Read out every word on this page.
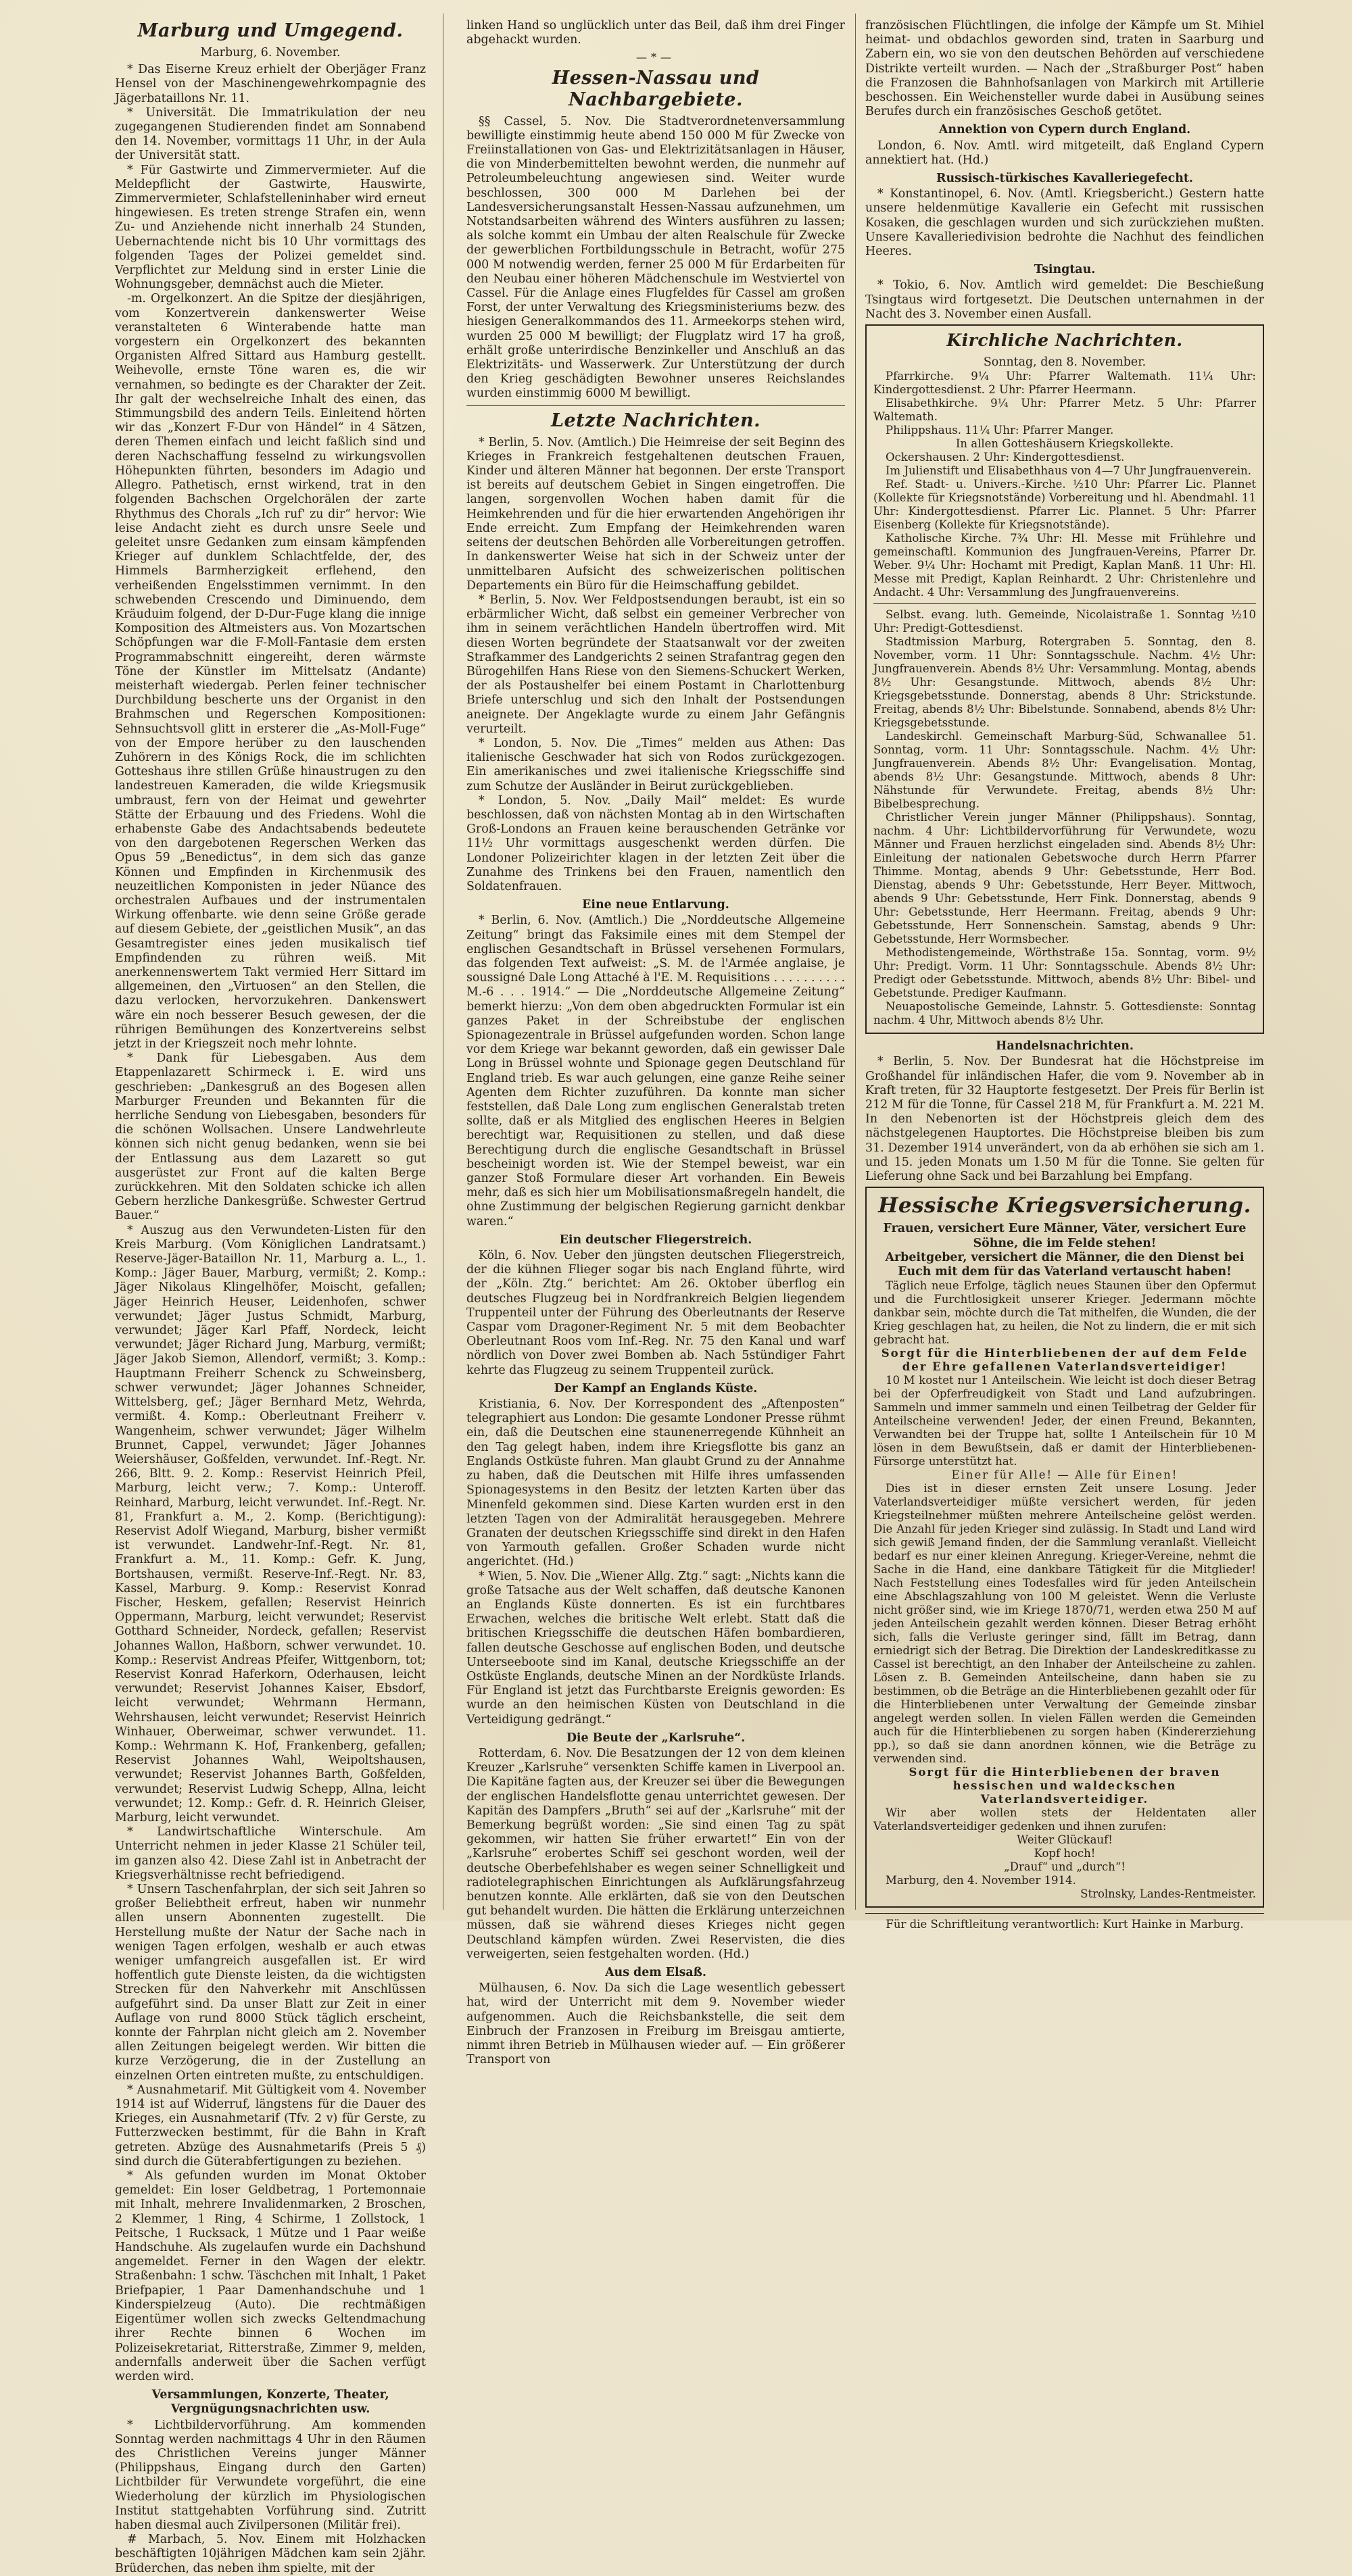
Marburg und Umgegend.
Marburg, 6. November.

* Das Eiserne Kreuz erhielt der Oberjäger Franz Hensel von der Maschinengewehrkompagnie des Jägerbataillons Nr. 11.

* Universität. Die Immatrikulation der neu zugegangenen Studierenden findet am Sonnabend den 14. November, vormittags 11 Uhr, in der Aula der Universität statt.

* Für Gastwirte und Zimmervermieter. Auf die Meldepflicht der Gastwirte, Hauswirte, Zimmervermieter, Schlafstelleninhaber wird erneut hingewiesen. Es treten strenge Strafen ein, wenn Zu- und Anziehende nicht innerhalb 24 Stunden, Uebernachtende nicht bis 10 Uhr vormittags des folgenden Tages der Polizei gemeldet sind. Verpflichtet zur Meldung sind in erster Linie die Wohnungsgeber, demnächst auch die Mieter.

-m. Orgelkonzert. An die Spitze der diesjährigen, vom Konzertverein dankenswerter Weise veranstalteten 6 Winterabende hatte man vorgestern ein Orgelkonzert des bekannten Organisten Alfred Sittard aus Hamburg gestellt. Weihevolle, ernste Töne waren es, die wir vernahmen, so bedingte es der Charakter der Zeit. Ihr galt der wechselreiche Inhalt des einen, das Stimmungsbild des andern Teils. Einleitend hörten wir das „Konzert F-Dur von Händel“ in 4 Sätzen, deren Themen einfach und leicht faßlich sind und deren Nachschaffung fesselnd zu wirkungsvollen Höhepunkten führten, besonders im Adagio und Allegro. Pathetisch, ernst wirkend, trat in den folgenden Bachschen Orgelchorälen der zarte Rhythmus des Chorals „Ich ruf' zu dir“ hervor: Wie leise Andacht zieht es durch unsre Seele und geleitet unsre Gedanken zum einsam kämpfenden Krieger auf dunklem Schlachtfelde, der, des Himmels Barmherzigkeit erflehend, den verheißenden Engelsstimmen vernimmt. In den schwebenden Crescendo und Diminuendo, dem Kräuduim folgend, der D-Dur-Fuge klang die innige Komposition des Altmeisters aus. Von Mozartschen Schöpfungen war die F-Moll-Fantasie dem ersten Programmabschnitt eingereiht, deren wärmste Töne der Künstler im Mittelsatz (Andante) meisterhaft wiedergab. Perlen feiner technischer Durchbildung bescherte uns der Organist in den Brahmschen und Regerschen Kompositionen: Sehnsuchtsvoll glitt in ersterer die „As-Moll-Fuge“ von der Empore herüber zu den lauschenden Zuhörern in des Königs Rock, die im schlichten Gotteshaus ihre stillen Grüße hinaustrugen zu den landestreuen Kameraden, die wilde Kriegsmusik umbraust, fern von der Heimat und gewehrter Stätte der Erbauung und des Friedens. Wohl die erhabenste Gabe des Andachtsabends bedeutete von den dargebotenen Regerschen Werken das Opus 59 „Benedictus“, in dem sich das ganze Können und Empfinden in Kirchenmusik des neuzeitlichen Komponisten in jeder Nüance des orchestralen Aufbaues und der instrumentalen Wirkung offenbarte. wie denn seine Größe gerade auf diesem Gebiete, der „geistlichen Musik“, an das Gesamtregister eines jeden musikalisch tief Empfindenden zu rühren weiß. Mit anerkennenswertem Takt vermied Herr Sittard im allgemeinen, den „Virtuosen“ an den Stellen, die dazu verlocken, hervorzukehren. Dankenswert wäre ein noch besserer Besuch gewesen, der die rührigen Bemühungen des Konzertvereins selbst jetzt in der Kriegszeit noch mehr lohnte.

* Dank für Liebesgaben. Aus dem Etappenlazarett Schirmeck i. E. wird uns geschrieben: „Dankesgruß an des Bogesen allen Marburger Freunden und Bekannten für die herrliche Sendung von Liebesgaben, besonders für die schönen Wollsachen. Unsere Landwehrleute können sich nicht genug bedanken, wenn sie bei der Entlassung aus dem Lazarett so gut ausgerüstet zur Front auf die kalten Berge zurückkehren. Mit den Soldaten schicke ich allen Gebern herzliche Dankesgrüße. Schwester Gertrud Bauer.“

* Auszug aus den Verwundeten-Listen für den Kreis Marburg. (Vom Königlichen Landratsamt.) Reserve-Jäger-Bataillon Nr. 11, Marburg a. L., 1. Komp.: Jäger Bauer, Marburg, vermißt; 2. Komp.: Jäger Nikolaus Klingelhöfer, Moischt, gefallen; Jäger Heinrich Heuser, Leidenhofen, schwer verwundet; Jäger Justus Schmidt, Marburg, verwundet; Jäger Karl Pfaff, Nordeck, leicht verwundet; Jäger Richard Jung, Marburg, vermißt; Jäger Jakob Siemon, Allendorf, vermißt; 3. Komp.: Hauptmann Freiherr Schenck zu Schweinsberg, schwer verwundet; Jäger Johannes Schneider, Wittelsberg, gef.; Jäger Bernhard Metz, Wehrda, vermißt. 4. Komp.: Oberleutnant Freiherr v. Wangenheim, schwer verwundet; Jäger Wilhelm Brunnet, Cappel, verwundet; Jäger Johannes Weiershäuser, Goßfelden, verwundet. Inf.-Regt. Nr. 266, Bltt. 9. 2. Komp.: Reservist Heinrich Pfeil, Marburg, leicht verw.; 7. Komp.: Unteroff. Reinhard, Marburg, leicht verwundet. Inf.-Regt. Nr. 81, Frankfurt a. M., 2. Komp. (Berichtigung): Reservist Adolf Wiegand, Marburg, bisher vermißt ist verwundet. Landwehr-Inf.-Regt. Nr. 81, Frankfurt a. M., 11. Komp.: Gefr. K. Jung, Bortshausen, vermißt. Reserve-Inf.-Regt. Nr. 83, Kassel, Marburg. 9. Komp.: Reservist Konrad Fischer, Heskem, gefallen; Reservist Heinrich Oppermann, Marburg, leicht verwundet; Reservist Gotthard Schneider, Nordeck, gefallen; Reservist Johannes Wallon, Haßborn, schwer verwundet. 10. Komp.: Reservist Andreas Pfeifer, Wittgenborn, tot; Reservist Konrad Haferkorn, Oderhausen, leicht verwundet; Reservist Johannes Kaiser, Ebsdorf, leicht verwundet; Wehrmann Hermann, Wehrshausen, leicht verwundet; Reservist Heinrich Winhauer, Oberweimar, schwer verwundet. 11. Komp.: Wehrmann K. Hof, Frankenberg, gefallen; Reservist Johannes Wahl, Weipoltshausen, verwundet; Reservist Johannes Barth, Goßfelden, verwundet; Reservist Ludwig Schepp, Allna, leicht verwundet; 12. Komp.: Gefr. d. R. Heinrich Gleiser, Marburg, leicht verwundet.

* Landwirtschaftliche Winterschule. Am Unterricht nehmen in jeder Klasse 21 Schüler teil, im ganzen also 42. Diese Zahl ist in Anbetracht der Kriegsverhältnisse recht befriedigend.

* Unsern Taschenfahrplan, der sich seit Jahren so großer Beliebtheit erfreut, haben wir nunmehr allen unsern Abonnenten zugestellt. Die Herstellung mußte der Natur der Sache nach in wenigen Tagen erfolgen, weshalb er auch etwas weniger umfangreich ausgefallen ist. Er wird hoffentlich gute Dienste leisten, da die wichtigsten Strecken für den Nahverkehr mit Anschlüssen aufgeführt sind. Da unser Blatt zur Zeit in einer Auflage von rund 8000 Stück täglich erscheint, konnte der Fahrplan nicht gleich am 2. November allen Zeitungen beigelegt werden. Wir bitten die kurze Verzögerung, die in der Zustellung an einzelnen Orten eintreten mußte, zu entschuldigen.

* Ausnahmetarif. Mit Gültigkeit vom 4. November 1914 ist auf Widerruf, längstens für die Dauer des Krieges, ein Ausnahmetarif (Tfv. 2 v) für Gerste, zu Futterzwecken bestimmt, für die Bahn in Kraft getreten. Abzüge des Ausnahmetarifs (Preis 5 ₰) sind durch die Güterabfertigungen zu beziehen.

* Als gefunden wurden im Monat Oktober gemeldet: Ein loser Geldbetrag, 1 Portemonnaie mit Inhalt, mehrere Invalidenmarken, 2 Broschen, 2 Klemmer, 1 Ring, 4 Schirme, 1 Zollstock, 1 Peitsche, 1 Rucksack, 1 Mütze und 1 Paar weiße Handschuhe. Als zugelaufen wurde ein Dachshund angemeldet. Ferner in den Wagen der elektr. Straßenbahn: 1 schw. Täschchen mit Inhalt, 1 Paket Briefpapier, 1 Paar Damenhandschuhe und 1 Kinderspielzeug (Auto). Die rechtmäßigen Eigentümer wollen sich zwecks Geltendmachung ihrer Rechte binnen 6 Wochen im Polizeisekretariat, Ritterstraße, Zimmer 9, melden, andernfalls anderweit über die Sachen verfügt werden wird.

Versammlungen, Konzerte, Theater, Vergnügungsnachrichten usw.

* Lichtbildervorführung. Am kommenden Sonntag werden nachmittags 4 Uhr in den Räumen des Christlichen Vereins junger Männer (Philippshaus, Eingang durch den Garten) Lichtbilder für Verwundete vorgeführt, die eine Wiederholung der kürzlich im Physiologischen Institut stattgehabten Vorführung sind. Zutritt haben diesmal auch Zivilpersonen (Militär frei).

# Marbach, 5. Nov. Einem mit Holzhacken beschäftigten 10jährigen Mädchen kam sein 2jähr. Brüderchen, das neben ihm spielte, mit der

linken Hand so unglücklich unter das Beil, daß ihm drei Finger abgehackt wurden.

—*—
Hessen-Nassau und Nachbargebiete.

§§ Cassel, 5. Nov. Die Stadtverordnetenversammlung bewilligte einstimmig heute abend 150 000 M für Zwecke von Freiinstallationen von Gas- und Elektrizitätsanlagen in Häuser, die von Minderbemittelten bewohnt werden, die nunmehr auf Petroleumbeleuchtung angewiesen sind. Weiter wurde beschlossen, 300 000 M Darlehen bei der Landesversicherungsanstalt Hessen-Nassau aufzunehmen, um Notstandsarbeiten während des Winters ausführen zu lassen; als solche kommt ein Umbau der alten Realschule für Zwecke der gewerblichen Fortbildungsschule in Betracht, wofür 275 000 M notwendig werden, ferner 25 000 M für Erdarbeiten für den Neubau einer höheren Mädchenschule im Westviertel von Cassel. Für die Anlage eines Flugfeldes für Cassel am großen Forst, der unter Verwaltung des Kriegsministeriums bezw. des hiesigen Generalkommandos des 11. Armeekorps stehen wird, wurden 25 000 M bewilligt; der Flugplatz wird 17 ha groß, erhält große unterirdische Benzinkeller und Anschluß an das Elektrizitäts- und Wasserwerk. Zur Unterstützung der durch den Krieg geschädigten Bewohner unseres Reichslandes wurden einstimmig 6000 M bewilligt.

Letzte Nachrichten.

* Berlin, 5. Nov. (Amtlich.) Die Heimreise der seit Beginn des Krieges in Frankreich festgehaltenen deutschen Frauen, Kinder und älteren Männer hat begonnen. Der erste Transport ist bereits auf deutschem Gebiet in Singen eingetroffen. Die langen, sorgenvollen Wochen haben damit für die Heimkehrenden und für die hier erwartenden Angehörigen ihr Ende erreicht. Zum Empfang der Heimkehrenden waren seitens der deutschen Behörden alle Vorbereitungen getroffen. In dankenswerter Weise hat sich in der Schweiz unter der unmittelbaren Aufsicht des schweizerischen politischen Departements ein Büro für die Heimschaffung gebildet.

* Berlin, 5. Nov. Wer Feldpostsendungen beraubt, ist ein so erbärmlicher Wicht, daß selbst ein gemeiner Verbrecher von ihm in seinem verächtlichen Handeln übertroffen wird. Mit diesen Worten begründete der Staatsanwalt vor der zweiten Strafkammer des Landgerichts 2 seinen Strafantrag gegen den Bürogehilfen Hans Riese von den Siemens-Schuckert Werken, der als Postaushelfer bei einem Postamt in Charlottenburg Briefe unterschlug und sich den Inhalt der Postsendungen aneignete. Der Angeklagte wurde zu einem Jahr Gefängnis verurteilt.

* London, 5. Nov. Die „Times“ melden aus Athen: Das italienische Geschwader hat sich von Rodos zurückgezogen. Ein amerikanisches und zwei italienische Kriegsschiffe sind zum Schutze der Ausländer in Beirut zurückgeblieben.

* London, 5. Nov. „Daily Mail“ meldet: Es wurde beschlossen, daß von nächsten Montag ab in den Wirtschaften Groß-Londons an Frauen keine berauschenden Getränke vor 11½ Uhr vormittags ausgeschenkt werden dürfen. Die Londoner Polizeirichter klagen in der letzten Zeit über die Zunahme des Trinkens bei den Frauen, namentlich den Soldatenfrauen.

Eine neue Entlarvung.

* Berlin, 6. Nov. (Amtlich.) Die „Norddeutsche Allgemeine Zeitung“ bringt das Faksimile eines mit dem Stempel der englischen Gesandtschaft in Brüssel versehenen Formulars, das folgenden Text aufweist: „S. M. de l'Armée anglaise, je soussigné Dale Long Attaché à l'E. M. Requisitions . . . . . . . . . . M.-6 . . . 1914.“ — Die „Norddeutsche Allgemeine Zeitung“ bemerkt hierzu: „Von dem oben abgedruckten Formular ist ein ganzes Paket in der Schreibstube der englischen Spionagezentrale in Brüssel aufgefunden worden. Schon lange vor dem Kriege war bekannt geworden, daß ein gewisser Dale Long in Brüssel wohnte und Spionage gegen Deutschland für England trieb. Es war auch gelungen, eine ganze Reihe seiner Agenten dem Richter zuzuführen. Da konnte man sicher feststellen, daß Dale Long zum englischen Generalstab treten sollte, daß er als Mitglied des englischen Heeres in Belgien berechtigt war, Requisitionen zu stellen, und daß diese Berechtigung durch die englische Gesandtschaft in Brüssel bescheinigt worden ist. Wie der Stempel beweist, war ein ganzer Stoß Formulare dieser Art vorhanden. Ein Beweis mehr, daß es sich hier um Mobilisationsmaßregeln handelt, die ohne Zustimmung der belgischen Regierung garnicht denkbar waren.“

Ein deutscher Fliegerstreich.

Köln, 6. Nov. Ueber den jüngsten deutschen Fliegerstreich, der die kühnen Flieger sogar bis nach England führte, wird der „Köln. Ztg.“ berichtet: Am 26. Oktober überflog ein deutsches Flugzeug bei in Nordfrankreich Belgien liegendem Truppenteil unter der Führung des Oberleutnants der Reserve Caspar vom Dragoner-Regiment Nr. 5 mit dem Beobachter Oberleutnant Roos vom Inf.-Reg. Nr. 75 den Kanal und warf nördlich von Dover zwei Bomben ab. Nach 5stündiger Fahrt kehrte das Flugzeug zu seinem Truppenteil zurück.

Der Kampf an Englands Küste.

Kristiania, 6. Nov. Der Korrespondent des „Aftenposten“ telegraphiert aus London: Die gesamte Londoner Presse rühmt ein, daß die Deutschen eine staunenerregende Kühnheit an den Tag gelegt haben, indem ihre Kriegsflotte bis ganz an Englands Ostküste fuhren. Man glaubt Grund zu der Annahme zu haben, daß die Deutschen mit Hilfe ihres umfassenden Spionagesystems in den Besitz der letzten Karten über das Minenfeld gekommen sind. Diese Karten wurden erst in den letzten Tagen von der Admiralität herausgegeben. Mehrere Granaten der deutschen Kriegsschiffe sind direkt in den Hafen von Yarmouth gefallen. Großer Schaden wurde nicht angerichtet. (Hd.)

* Wien, 5. Nov. Die „Wiener Allg. Ztg.“ sagt: „Nichts kann die große Tatsache aus der Welt schaffen, daß deutsche Kanonen an Englands Küste donnerten. Es ist ein furchtbares Erwachen, welches die britische Welt erlebt. Statt daß die britischen Kriegsschiffe die deutschen Häfen bombardieren, fallen deutsche Geschosse auf englischen Boden, und deutsche Unterseeboote sind im Kanal, deutsche Kriegsschiffe an der Ostküste Englands, deutsche Minen an der Nordküste Irlands. Für England ist jetzt das Furchtbarste Ereignis geworden: Es wurde an den heimischen Küsten von Deutschland in die Verteidigung gedrängt.“

Die Beute der „Karlsruhe“.

Rotterdam, 6. Nov. Die Besatzungen der 12 von dem kleinen Kreuzer „Karlsruhe“ versenkten Schiffe kamen in Liverpool an. Die Kapitäne fagten aus, der Kreuzer sei über die Bewegungen der englischen Handelsflotte genau unterrichtet gewesen. Der Kapitän des Dampfers „Bruth“ sei auf der „Karlsruhe“ mit der Bemerkung begrüßt worden: „Sie sind einen Tag zu spät gekommen, wir hatten Sie früher erwartet!“ Ein von der „Karlsruhe“ erobertes Schiff sei geschont worden, weil der deutsche Oberbefehlshaber es wegen seiner Schnelligkeit und radiotelegraphischen Einrichtungen als Aufklärungsfahrzeug benutzen konnte. Alle erklärten, daß sie von den Deutschen gut behandelt wurden. Die hätten die Erklärung unterzeichnen müssen, daß sie während dieses Krieges nicht gegen Deutschland kämpfen würden. Zwei Reservisten, die dies verweigerten, seien festgehalten worden. (Hd.)

Aus dem Elsaß.

Mülhausen, 6. Nov. Da sich die Lage wesentlich gebessert hat, wird der Unterricht mit dem 9. November wieder aufgenommen. Auch die Reichsbankstelle, die seit dem Einbruch der Franzosen in Freiburg im Breisgau amtierte, nimmt ihren Betrieb in Mülhausen wieder auf. — Ein größerer Transport von

französischen Flüchtlingen, die infolge der Kämpfe um St. Mihiel heimat- und obdachlos geworden sind, traten in Saarburg und Zabern ein, wo sie von den deutschen Behörden auf verschiedene Distrikte verteilt wurden. — Nach der „Straßburger Post“ haben die Franzosen die Bahnhofsanlagen von Markirch mit Artillerie beschossen. Ein Weichensteller wurde dabei in Ausübung seines Berufes durch ein französisches Geschoß getötet.

Annektion von Cypern durch England.

London, 6. Nov. Amtl. wird mitgeteilt, daß England Cypern annektiert hat. (Hd.)

Russisch-türkisches Kavalleriegefecht.

* Konstantinopel, 6. Nov. (Amtl. Kriegsbericht.) Gestern hatte unsere heldenmütige Kavallerie ein Gefecht mit russischen Kosaken, die geschlagen wurden und sich zurückziehen mußten. Unsere Kavalleriedivision bedrohte die Nachhut des feindlichen Heeres.

Tsingtau.

* Tokio, 6. Nov. Amtlich wird gemeldet: Die Beschießung Tsingtaus wird fortgesetzt. Die Deutschen unternahmen in der Nacht des 3. November einen Ausfall.

Kirchliche Nachrichten.
Sonntag, den 8. November.

Pfarrkirche. 9¼ Uhr: Pfarrer Waltemath. 11¼ Uhr: Kindergottesdienst. 2 Uhr: Pfarrer Heermann.

Elisabethkirche. 9¼ Uhr: Pfarrer Metz. 5 Uhr: Pfarrer Waltemath.

Philippshaus. 11¼ Uhr: Pfarrer Manger.

In allen Gotteshäusern Kriegskollekte.

Ockershausen. 2 Uhr: Kindergottesdienst.

Im Julienstift und Elisabethhaus von 4—7 Uhr Jungfrauenverein.

Ref. Stadt- u. Univers.-Kirche. ½10 Uhr: Pfarrer Lic. Plannet (Kollekte für Kriegsnotstände) Vorbereitung und hl. Abendmahl. 11 Uhr: Kindergottesdienst. Pfarrer Lic. Plannet. 5 Uhr: Pfarrer Eisenberg (Kollekte für Kriegsnotstände).

Katholische Kirche. 7¾ Uhr: Hl. Messe mit Frühlehre und gemeinschaftl. Kommunion des Jungfrauen-Vereins, Pfarrer Dr. Weber. 9¼ Uhr: Hochamt mit Predigt, Kaplan Manß. 11 Uhr: Hl. Messe mit Predigt, Kaplan Reinhardt. 2 Uhr: Christenlehre und Andacht. 4 Uhr: Versammlung des Jungfrauenvereins.

Selbst. evang. luth. Gemeinde, Nicolaistraße 1. Sonntag ½10 Uhr: Predigt-Gottesdienst.

Stadtmission Marburg, Rotergraben 5. Sonntag, den 8. November, vorm. 11 Uhr: Sonntagsschule. Nachm. 4½ Uhr: Jungfrauenverein. Abends 8½ Uhr: Versammlung. Montag, abends 8½ Uhr: Gesangstunde. Mittwoch, abends 8½ Uhr: Kriegsgebetsstunde. Donnerstag, abends 8 Uhr: Strickstunde. Freitag, abends 8½ Uhr: Bibelstunde. Sonnabend, abends 8½ Uhr: Kriegsgebetsstunde.

Landeskirchl. Gemeinschaft Marburg-Süd, Schwanallee 51. Sonntag, vorm. 11 Uhr: Sonntagsschule. Nachm. 4½ Uhr: Jungfrauenverein. Abends 8½ Uhr: Evangelisation. Montag, abends 8½ Uhr: Gesangstunde. Mittwoch, abends 8 Uhr: Nähstunde für Verwundete. Freitag, abends 8½ Uhr: Bibelbesprechung.

Christlicher Verein junger Männer (Philippshaus). Sonntag, nachm. 4 Uhr: Lichtbildervorführung für Verwundete, wozu Männer und Frauen herzlichst eingeladen sind. Abends 8½ Uhr: Einleitung der nationalen Gebetswoche durch Herrn Pfarrer Thimme. Montag, abends 9 Uhr: Gebetsstunde, Herr Bod. Dienstag, abends 9 Uhr: Gebetsstunde, Herr Beyer. Mittwoch, abends 9 Uhr: Gebetsstunde, Herr Fink. Donnerstag, abends 9 Uhr: Gebetsstunde, Herr Heermann. Freitag, abends 9 Uhr: Gebetsstunde, Herr Sonnenschein. Samstag, abends 9 Uhr: Gebetsstunde, Herr Wormsbecher.

Methodistengemeinde, Wörthstraße 15a. Sonntag, vorm. 9½ Uhr: Predigt. Vorm. 11 Uhr: Sonntagsschule. Abends 8½ Uhr: Predigt oder Gebetsstunde. Mittwoch, abends 8½ Uhr: Bibel- und Gebetstunde. Prediger Kaufmann.

Neuapostolische Gemeinde, Lahnstr. 5. Gottesdienste: Sonntag nachm. 4 Uhr, Mittwoch abends 8½ Uhr.

Handelsnachrichten.

* Berlin, 5. Nov. Der Bundesrat hat die Höchstpreise im Großhandel für inländischen Hafer, die vom 9. November ab in Kraft treten, für 32 Hauptorte festgesetzt. Der Preis für Berlin ist 212 M für die Tonne, für Cassel 218 M, für Frankfurt a. M. 221 M. In den Nebenorten ist der Höchstpreis gleich dem des nächstgelegenen Hauptortes. Die Höchstpreise bleiben bis zum 31. Dezember 1914 unverändert, von da ab erhöhen sie sich am 1. und 15. jeden Monats um 1.50 M für die Tonne. Sie gelten für Lieferung ohne Sack und bei Barzahlung bei Empfang.

Hessische Kriegsversicherung.

Frauen, versichert Eure Männer, Väter, versichert Eure Söhne, die im Felde stehen!

Arbeitgeber, versichert die Männer, die den Dienst bei Euch mit dem für das Vaterland vertauscht haben!

Täglich neue Erfolge, täglich neues Staunen über den Opfermut und die Furchtlosigkeit unserer Krieger. Jedermann möchte dankbar sein, möchte durch die Tat mithelfen, die Wunden, die der Krieg geschlagen hat, zu heilen, die Not zu lindern, die er mit sich gebracht hat.

Sorgt für die Hinterbliebenen der auf dem Felde der Ehre gefallenen Vaterlandsverteidiger!

10 M kostet nur 1 Anteilschein. Wie leicht ist doch dieser Betrag bei der Opferfreudigkeit von Stadt und Land aufzubringen. Sammeln und immer sammeln und einen Teilbetrag der Gelder für Anteilscheine verwenden! Jeder, der einen Freund, Bekannten, Verwandten bei der Truppe hat, sollte 1 Anteilschein für 10 M lösen in dem Bewußtsein, daß er damit der Hinterbliebenen-Fürsorge unterstützt hat.

Einer für Alle! — Alle für Einen!

Dies ist in dieser ernsten Zeit unsere Losung. Jeder Vaterlandsverteidiger müßte versichert werden, für jeden Kriegsteilnehmer müßten mehrere Anteilscheine gelöst werden. Die Anzahl für jeden Krieger sind zulässig. In Stadt und Land wird sich gewiß Jemand finden, der die Sammlung veranlaßt. Vielleicht bedarf es nur einer kleinen Anregung. Krieger-Vereine, nehmt die Sache in die Hand, eine dankbare Tätigkeit für die Mitglieder! Nach Feststellung eines Todesfalles wird für jeden Anteilschein eine Abschlagszahlung von 100 M geleistet. Wenn die Verluste nicht größer sind, wie im Kriege 1870/71, werden etwa 250 M auf jeden Anteilschein gezahlt werden können. Dieser Betrag erhöht sich, falls die Verluste geringer sind, fällt im Betrag, dann erniedrigt sich der Betrag. Die Direktion der Landeskreditkasse zu Cassel ist berechtigt, an den Inhaber der Anteilscheine zu zahlen. Lösen z. B. Gemeinden Anteilscheine, dann haben sie zu bestimmen, ob die Beträge an die Hinterbliebenen gezahlt oder für die Hinterbliebenen unter Verwaltung der Gemeinde zinsbar angelegt werden sollen. In vielen Fällen werden die Gemeinden auch für die Hinterbliebenen zu sorgen haben (Kindererziehung pp.), so daß sie dann anordnen können, wie die Beträge zu verwenden sind.

Sorgt für die Hinterbliebenen der braven hessischen und waldeckschen Vaterlandsverteidiger.

Wir aber wollen stets der Heldentaten aller Vaterlandsverteidiger gedenken und ihnen zurufen:

Weiter Glückauf!

Kopf hoch!

„Drauf“ und „durch“!

Marburg, den 4. November 1914.

Strolnsky, Landes-Rentmeister.

Für die Schriftleitung verantwortlich: Kurt Hainke in Marburg.
